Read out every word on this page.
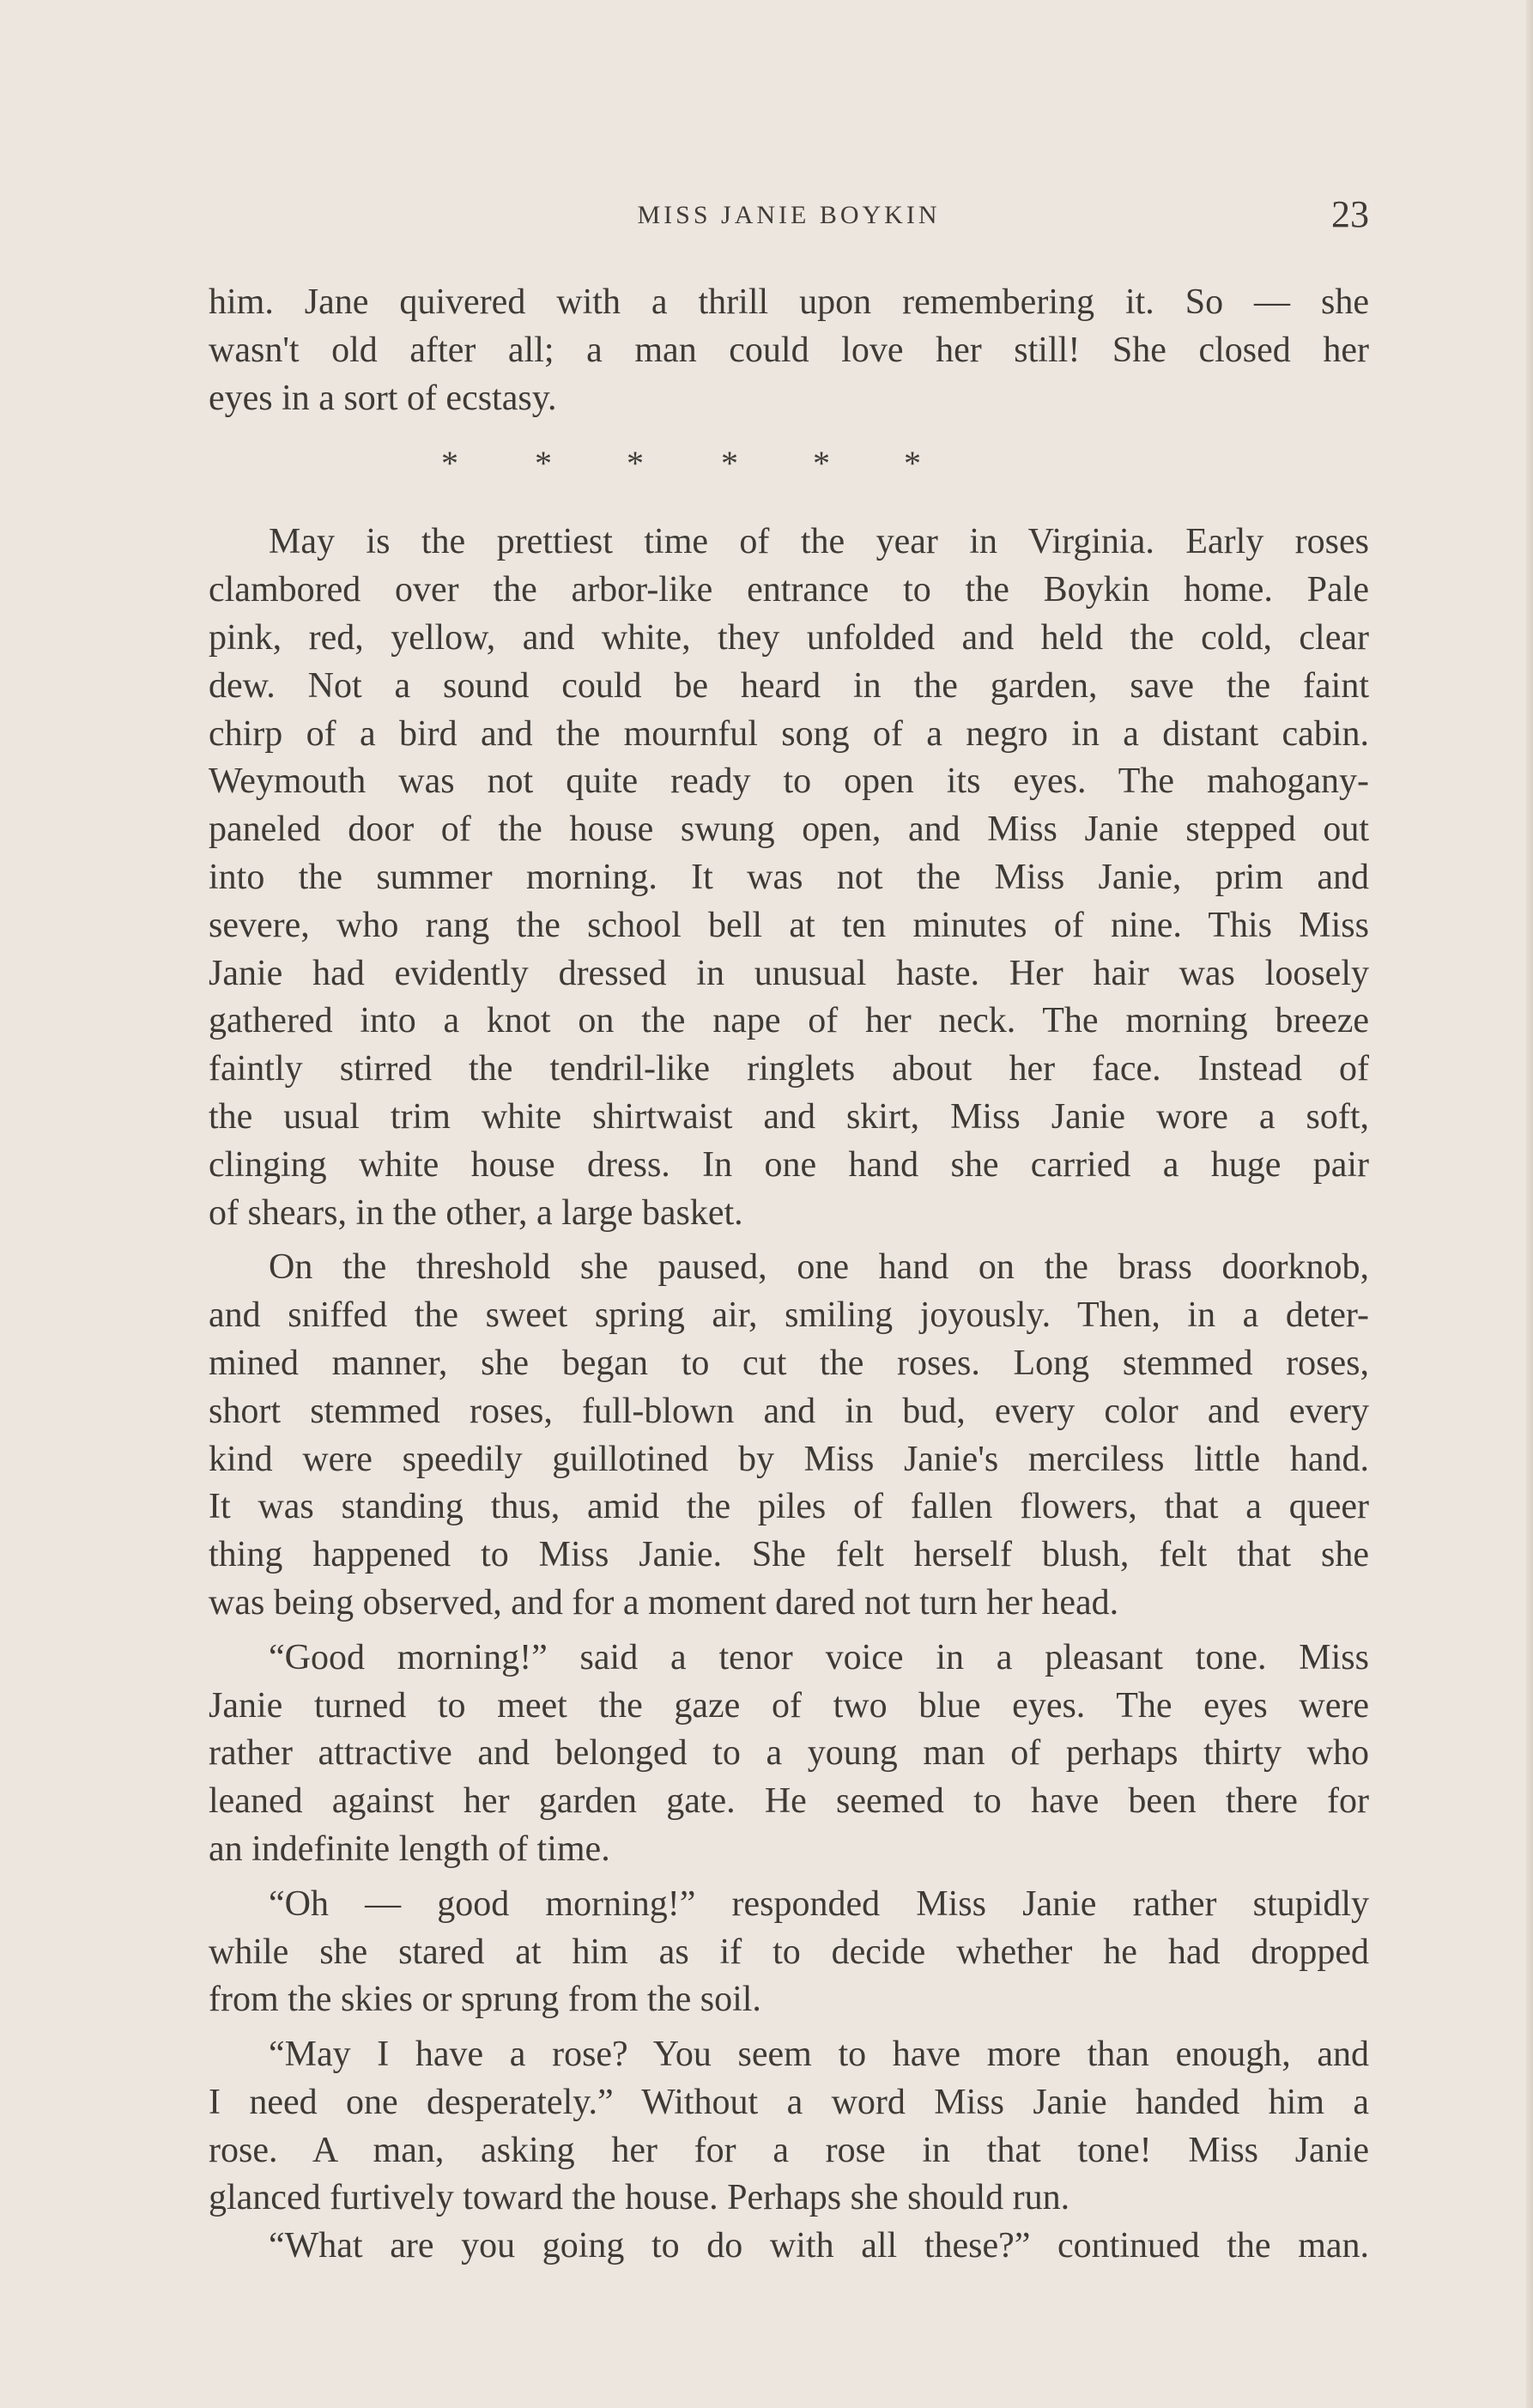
MISS JANIE BOYKIN	23
him. Jane quivered with a thrill upon remembering it. So — she
wasn't old after all; a man could love her still! She closed her
eyes in a sort of ecstasy.
* * * * * *
May is the prettiest time of the year in Virginia. Early roses
clambored over the arbor-like entrance to the Boykin home. Pale
pink, red, yellow, and white, they unfolded and held the cold, clear
dew. Not a sound could be heard in the garden, save the faint
chirp of a bird and the mournful song of a negro in a distant cabin.
Weymouth was not quite ready to open its eyes. The mahogany-
paneled door of the house swung open, and Miss Janie stepped out
into the summer morning. It was not the Miss Janie, prim and
severe, who rang the school bell at ten minutes of nine. This Miss
Janie had evidently dressed in unusual haste. Her hair was loosely
gathered into a knot on the nape of her neck. The morning breeze
faintly stirred the tendril-like ringlets about her face. Instead of
the usual trim white shirtwaist and skirt, Miss Janie wore a soft,
clinging white house dress. In one hand she carried a huge pair
of shears, in the other, a large basket.
On the threshold she paused, one hand on the brass doorknob,
and sniffed the sweet spring air, smiling joyously. Then, in a deter-
mined manner, she began to cut the roses. Long stemmed roses,
short stemmed roses, full-blown and in bud, every color and every
kind were speedily guillotined by Miss Janie's merciless little hand.
It was standing thus, amid the piles of fallen flowers, that a queer
thing happened to Miss Janie. She felt herself blush, felt that she
was being observed, and for a moment dared not turn her head.
“Good morning!” said a tenor voice in a pleasant tone. Miss
Janie turned to meet the gaze of two blue eyes. The eyes were
rather attractive and belonged to a young man of perhaps thirty who
leaned against her garden gate. He seemed to have been there for
an indefinite length of time.
“Oh — good morning!” responded Miss Janie rather stupidly
while she stared at him as if to decide whether he had dropped
from the skies or sprung from the soil.
“May I have a rose? You seem to have more than enough, and
I need one desperately.” Without a word Miss Janie handed him a
rose. A man, asking her for a rose in that tone! Miss Janie
glanced furtively toward the house. Perhaps she should run.
“What are you going to do with all these?” continued the man.
